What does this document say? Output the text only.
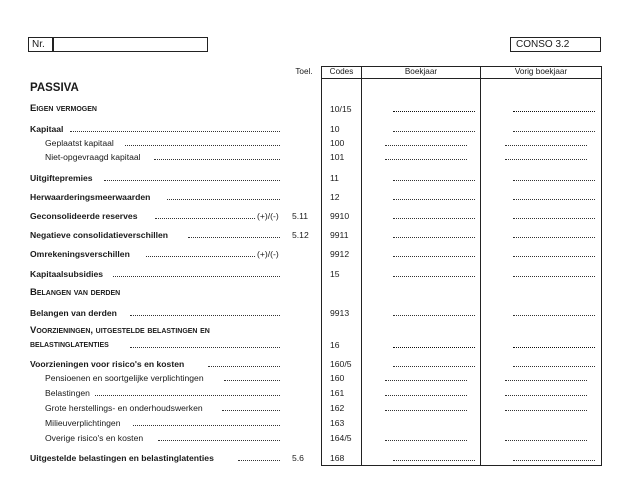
Nr.	CONSO 3.2
Toel.	Codes	Boekjaar	Vorig boekjaar
PASSIVA
Eigen vermogen	10/15
Kapitaal	10
Geplaatst kapitaal	100
Niet-opgevraagd kapitaal	101
Uitgiftepremies	11
Herwaarderingsmeerwaarden	12
Geconsolideerde reserves	(+)/(-) 5.11	9910
Negatieve consolidatieverschillen	5.12 9911
Omrekeningsverschillen	(+)/(-)	9912
Kapitaalsubsidies	15
Belangen van derden
Belangen van derden	9913
Voorzieningen, uitgestelde belastingen en
belastinglatenties	16
Voorzieningen voor risico's en kosten	160/5
Pensioenen en soortgelijke verplichtingen	160
Belastingen	161
Grote herstellings- en onderhoudswerken	162
Milieuverplichtingen	163
Overige risico's en kosten	164/5
Uitgestelde belastingen en belastinglatenties	5.6	168
